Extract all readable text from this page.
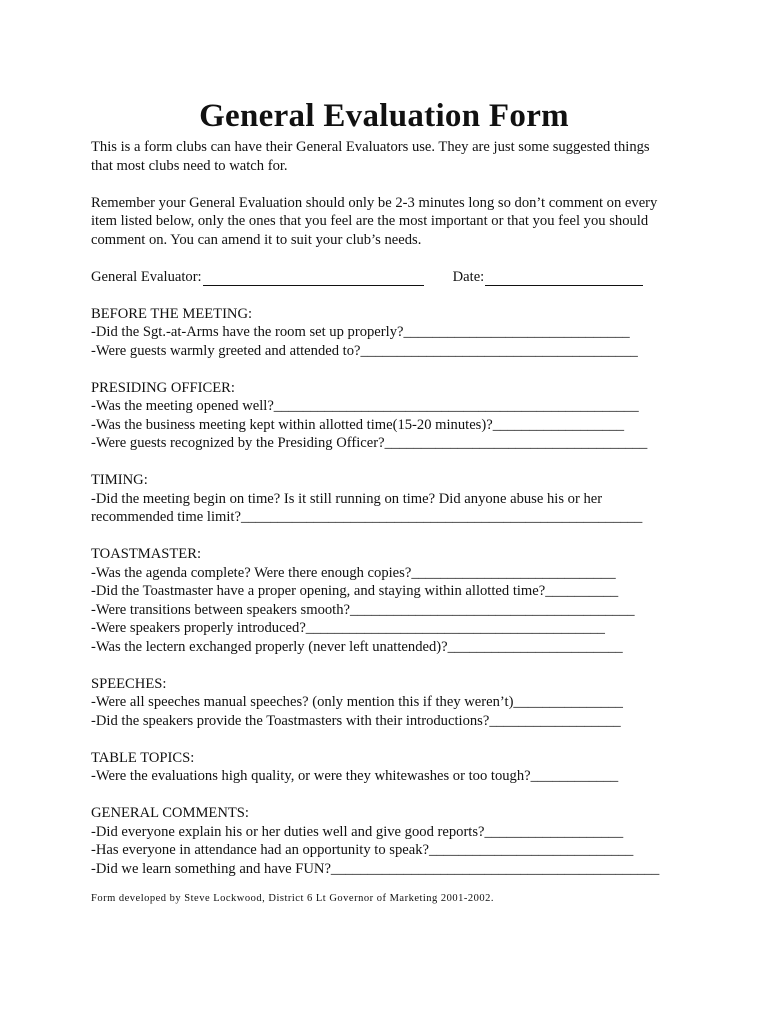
General Evaluation Form
This is a form clubs can have their General Evaluators use. They are just some suggested things
that most clubs need to watch for.
Remember your General Evaluation should only be 2-3 minutes long so don’t comment on every
item listed below, only the ones that you feel are the most important or that you feel you should
comment on. You can amend it to suit your club’s needs.
General Evaluator:	Date:
BEFORE THE MEETING:
-Did the Sgt.-at-Arms have the room set up properly?_______________________________
-Were guests warmly greeted and attended to?______________________________________
PRESIDING OFFICER:
-Was the meeting opened well?__________________________________________________
-Was the business meeting kept within allotted time(15-20 minutes)?__________________
-Were guests recognized by the Presiding Officer?____________________________________
TIMING:
-Did the meeting begin on time? Is it still running on time? Did anyone abuse his or her
recommended time limit?_______________________________________________________
TOASTMASTER:
-Was the agenda complete? Were there enough copies?____________________________
-Did the Toastmaster have a proper opening, and staying within allotted time?__________
-Were transitions between speakers smooth?_______________________________________
-Were speakers properly introduced?_________________________________________
-Was the lectern exchanged properly (never left unattended)?________________________
SPEECHES:
-Were all speeches manual speeches? (only mention this if they weren’t)_______________
-Did the speakers provide the Toastmasters with their introductions?__________________
TABLE TOPICS:
-Were the evaluations high quality, or were they whitewashes or too tough?____________
GENERAL COMMENTS:
-Did everyone explain his or her duties well and give good reports?___________________
-Has everyone in attendance had an opportunity to speak?____________________________
-Did we learn something and have FUN?_____________________________________________
Form developed by Steve Lockwood, District 6 Lt Governor of Marketing 2001-2002.
